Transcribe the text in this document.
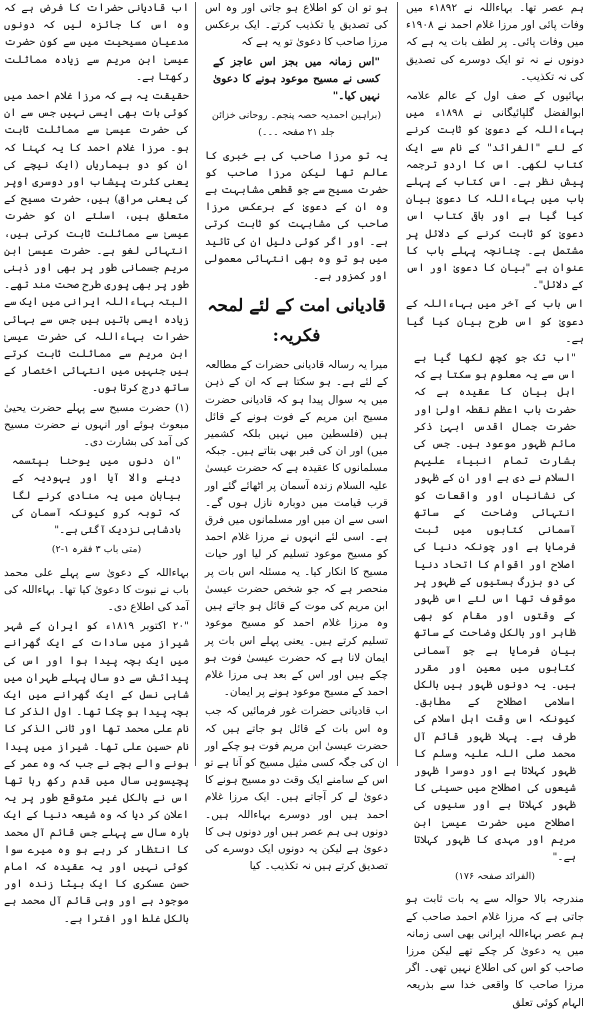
ہم عصر تھا۔ بہاءاللہ نے ۱۸۹۲ء میں وفات پائی اور مرزا غلام احمد نے ۱۹۰۸ء میں وفات پائی۔ پر لطف بات یہ ہے کہ دونوں نے نہ تو ایک دوسرے کی تصدیق کی نہ تکذیب۔

بہائیوں کے صف اول کے عالم علامہ ابوالفضل گلپائیگانی نے ۱۸۹۸ء میں بہاءاللہ کے دعویٰ کو ثابت کرنے کے لئے "الفرائد" کے نام سے ایک کتاب لکھی۔ اس کا اردو ترجمہ پیش نظر ہے۔ اس کتاب کے پہلے باب میں بہاءاللہ کا دعویٰ بیان کیا گیا ہے اور باقی کتاب اس دعویٰ کو ثابت کرنے کے دلائل پر مشتمل ہے۔ چنانچہ پہلے باب کا عنوان ہے "بیان کا دعویٰ اور اس کے دلائل"۔

اس باب کے آخر میں بہاءاللہ کے دعویٰ کو اس طرح بیان کیا گیا ہے۔

"اب تک جو کچھ لکھا گیا ہے اس سے یہ معلوم ہو سکتا ہے کہ اہل بیان کا عقیدہ ہے کہ حضرت باب اعظم نقطہ اولیٰ اور حضرت جمال اقدس ابہیٰ ذکر مائم ظہور موعود ہیں۔ جس کی بشارت تمام انبیاء علیہم السلام نے دی ہے اور ان کے ظہور کی نشانیاں اور واقعات کو انتہائی وضاحت کے ساتھ آسمانی کتابوں میں ثبت فرمایا ہے اور چونکہ دنیا کی اصلاح اور اقوام کا اتحاد دنیا کی دو بزرگ ہستیوں کے ظہور پر موقوف تھا اس لئے اس ظہور کے وقتوں اور مقام کو بھی ظاہر اور بالکل وضاحت کے ساتھ بیان فرمایا ہے جو آسمانی کتابوں میں معین اور مقرر ہیں۔ یہ دونوں ظہور ہیں بالکل اسلامی اصطلاح کے مطابق۔ کیونکہ اس وقت اہل اسلام کی طرف ہے۔ پہلا ظہور قائم آل محمد صلی اللہ علیہ وسلم کا ظہور کہلاتا ہے اور دوسرا ظہور شیعوں کی اصطلاح میں حسینی کا ظہور کہلاتا ہے اور سنیوں کی اصطلاح میں حضرت عیسیٰ ابن مریم اور مہدی کا ظہور کہلاتا ہے۔"

(الفرائد صفحہ ۱۷۶)

مندرجہ بالا حوالہ سے یہ بات ثابت ہو جاتی ہے کہ مرزا غلام احمد صاحب کے ہم عصر بہاءاللہ ایرانی بھی اسی زمانہ میں یہ دعویٰ کر چکے تھے لیکن مرزا صاحب کو اس کی اطلاع نہیں تھی۔ اگر مرزا صاحب کا واقعی خدا سے بذریعہ الہام کوئی تعلق

ہو تو ان کو اطلاع ہو جاتی اور وہ اس کی تصدیق یا تکذیب کرتے۔ ایک برعکس مرزا صاحب کا دعویٰ تو یہ ہے کہ

"اس زمانہ میں بجز اس عاجز کے کسی نے مسیح موعود ہونے کا دعویٰ نہیں کیا۔"

(براہین احمدیہ حصہ پنجم۔ روحانی خزائن جلد ۲۱ صفحہ ۔۔۔)

یہ تو مرزا صاحب کی بے خبری کا عالم تھا لیکن مرزا صاحب کو حضرت مسیح سے جو قطعی مشابہت ہے وہ ان کے دعویٰ کے برعکس مرزا صاحب کی مشابہت کو ثابت کرتی ہے۔ اور اگر کوئی دلیل ان کی تائید میں ہو تو وہ بھی انتہائی معمولی اور کمزور ہے۔

قادیانی امت کے لئے لمحہ فکریہ:

میرا یہ رسالہ قادیانی حضرات کے مطالعہ کے لئے ہے۔ ہو سکتا ہے کہ ان کے ذہن میں یہ سوال پیدا ہو کہ قادیانی حضرت مسیح ابن مریم کے فوت ہونے کے قائل ہیں (فلسطین میں نہیں بلکہ کشمیر میں) اور ان کی قبر بھی بتاتے ہیں۔ جبکہ مسلمانوں کا عقیدہ ہے کہ حضرت عیسیٰ علیہ السلام زندہ آسمان پر اٹھائے گئے اور قرب قیامت میں دوبارہ نازل ہوں گے۔ اسی سے ان میں اور مسلمانوں میں فرق ہے۔ اسی لئے انہوں نے مرزا غلام احمد کو مسیح موعود تسلیم کر لیا اور حیات مسیح کا انکار کیا۔ یہ مسئلہ اس بات پر منحصر ہے کہ جو شخص حضرت عیسیٰ ابن مریم کی موت کے قائل ہو جاتے ہیں وہ مرزا غلام احمد کو مسیح موعود تسلیم کرتے ہیں۔ یعنی پہلے اس بات پر ایمان لانا ہے کہ حضرت عیسیٰ فوت ہو چکے ہیں اور اس کے بعد ہی مرزا غلام احمد کے مسیح موعود ہونے پر ایمان۔

اب قادیانی حضرات غور فرمائیں کہ جب وہ اس بات کے قائل ہو جاتے ہیں کہ حضرت عیسیٰ ابن مریم فوت ہو چکے اور ان کی جگہ کسی مثیل مسیح کو آنا ہے تو اس کے سامنے ایک وقت دو مسیح ہونے کا دعویٰ لے کر آجاتے ہیں۔ ایک مرزا غلام احمد ہیں اور دوسرے بہاءاللہ ہیں۔ دونوں ہی ہم عصر ہیں اور دونوں ہی کا دعویٰ ہے لیکن یہ دونوں ایک دوسرے کی تصدیق کرتے ہیں نہ تکذیب۔ کیا

اب قادیانی حضرات کا فرض ہے کہ وہ اس کا جائزہ لیں کہ دونوں مدعیان مسیحیت میں سے کون حضرت عیسیٰ ابن مریم سے زیادہ مماثلت رکھتا ہے۔

حقیقت یہ ہے کہ مرزا غلام احمد میں کوئی بات بھی ایسی نہیں جس سے ان کی حضرت عیسیٰ سے مماثلت ثابت ہو۔ مرزا غلام احمد کا یہ کہنا کہ ان کو دو بیماریاں (ایک نیچے کی یعنی کثرت پیشاب اور دوسری اوپر کی یعنی مراق) ہیں، حضرت مسیح کے متعلق ہیں، اسلئے ان کو حضرت عیسیٰ سے مماثلت ثابت کرتی ہیں، انتہائی لغو ہے۔ حضرت عیسیٰ ابن مریم جسمانی طور پر بھی اور ذہنی طور پر بھی پوری طرح صحت مند تھے۔ البتہ بہاءاللہ ایرانی میں ایک سے زیادہ ایسی باتیں ہیں جس سے بہائی حضرات بہاءاللہ کی حضرت عیسیٰ ابن مریم سے مماثلت ثابت کرتے ہیں جنہیں میں انتہائی اختصار کے ساتھ درج کرتا ہوں۔

(۱) حضرت مسیح سے پہلے حضرت یحییٰ مبعوث ہوئے اور انہوں نے حضرت مسیح کی آمد کی بشارت دی۔

"ان دنوں میں یوحنا بپتسمہ دینے والا آیا اور یہودیہ کے بیابان میں یہ منادی کرنے لگا کہ توبہ کرو کیونکہ آسمان کی بادشاہی نزدیک آگئی ہے۔"

(متی باب ۳ فقرہ ۱-۲)

بہاءاللہ کے دعویٰ سے پہلے علی محمد باب نے نبوت کا دعویٰ کیا تھا۔ بہاءاللہ کی آمد کی اطلاع دی۔

"۲۰ اکتوبر ۱۸۱۹ء کو ایران کے شہر شیراز میں سادات کے ایک گھرانے میں ایک بچہ پیدا ہوا اور اس کی پیدائش سے دو سال پہلے طہران میں شاہی نسل کے ایک گھرانے میں ایک بچہ پیدا ہو چکا تھا۔ اول الذکر کا نام علی محمد تھا اور ثانی الذکر کا نام حسین علی تھا۔ شیراز میں پیدا ہونے والے بچے نے جب کہ وہ عمر کے پچیسویں سال میں قدم رکھ رہا تھا اس نے بالکل غیر متوقع طور پر یہ اعلان کر دیا کہ وہ شیعہ دنیا کے ایک بارہ سال سے پہلے جس قائم آل محمد کا انتظار کر رہے ہو وہ میرے سوا کوئی نہیں اور یہ عقیدہ کہ امام حسن عسکری کا ایک بیٹا زندہ اور موجود ہے اور وہی قائم آل محمد ہے بالکل غلط اور افترا ہے۔
